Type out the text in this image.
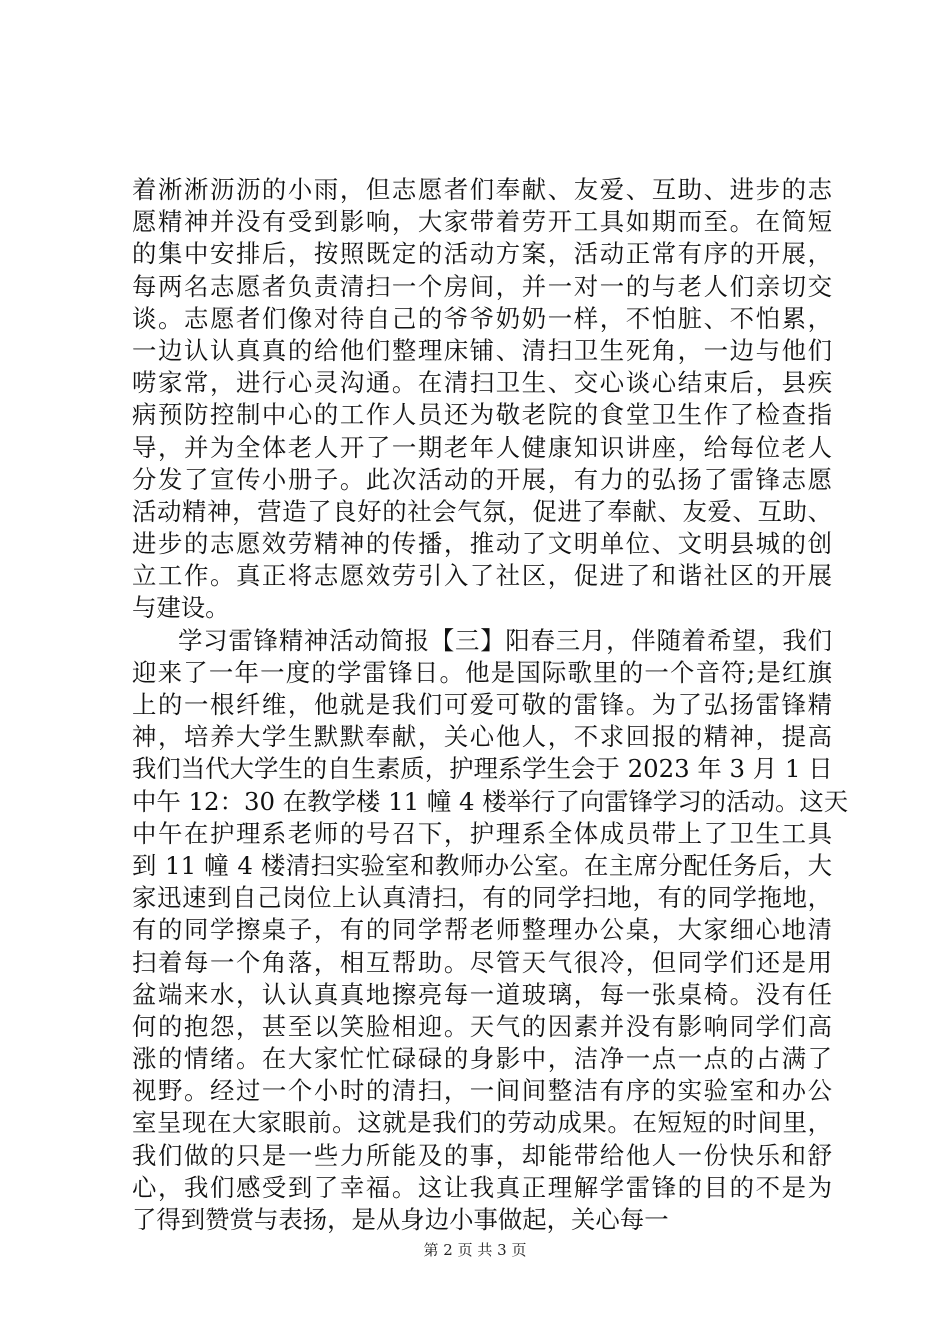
着淅淅沥沥的小雨，但志愿者们奉献、友爱、互助、进步的志
愿精神并没有受到影响，大家带着劳开工具如期而至。在简短
的集中安排后，按照既定的活动方案，活动正常有序的开展，
每两名志愿者负责清扫一个房间，并一对一的与老人们亲切交
谈。志愿者们像对待自己的爷爷奶奶一样，不怕脏、不怕累，
一边认认真真的给他们整理床铺、清扫卫生死角，一边与他们
唠家常，进行心灵沟通。在清扫卫生、交心谈心结束后，县疾
病预防控制中心的工作人员还为敬老院的食堂卫生作了检查指
导，并为全体老人开了一期老年人健康知识讲座，给每位老人
分发了宣传小册子。此次活动的开展，有力的弘扬了雷锋志愿
活动精神，营造了良好的社会气氛，促进了奉献、友爱、互助、
进步的志愿效劳精神的传播，推动了文明单位、文明县城的创
立工作。真正将志愿效劳引入了社区，促进了和谐社区的开展
与建设。
学习雷锋精神活动简报【三】阳春三月，伴随着希望，我们
迎来了一年一度的学雷锋日。他是国际歌里的一个音符;是红旗
上的一根纤维，他就是我们可爱可敬的雷锋。为了弘扬雷锋精
神，培养大学生默默奉献，关心他人，不求回报的精神，提高
我们当代大学生的自生素质，护理系学生会于 2023 年 3 月 1 日
中午 12：30 在教学楼 11 幢 4 楼举行了向雷锋学习的活动。这天
中午在护理系老师的号召下，护理系全体成员带上了卫生工具
到 11 幢 4 楼清扫实验室和教师办公室。在主席分配任务后，大
家迅速到自己岗位上认真清扫，有的同学扫地，有的同学拖地，
有的同学擦桌子，有的同学帮老师整理办公桌，大家细心地清
扫着每一个角落，相互帮助。尽管天气很冷，但同学们还是用
盆端来水，认认真真地擦亮每一道玻璃，每一张桌椅。没有任
何的抱怨，甚至以笑脸相迎。天气的因素并没有影响同学们高
涨的情绪。在大家忙忙碌碌的身影中，洁净一点一点的占满了
视野。经过一个小时的清扫，一间间整洁有序的实验室和办公
室呈现在大家眼前。这就是我们的劳动成果。在短短的时间里，
我们做的只是一些力所能及的事，却能带给他人一份快乐和舒
心，我们感受到了幸福。这让我真正理解学雷锋的目的不是为
了得到赞赏与表扬，是从身边小事做起，关心每一
第 2 页 共 3 页
